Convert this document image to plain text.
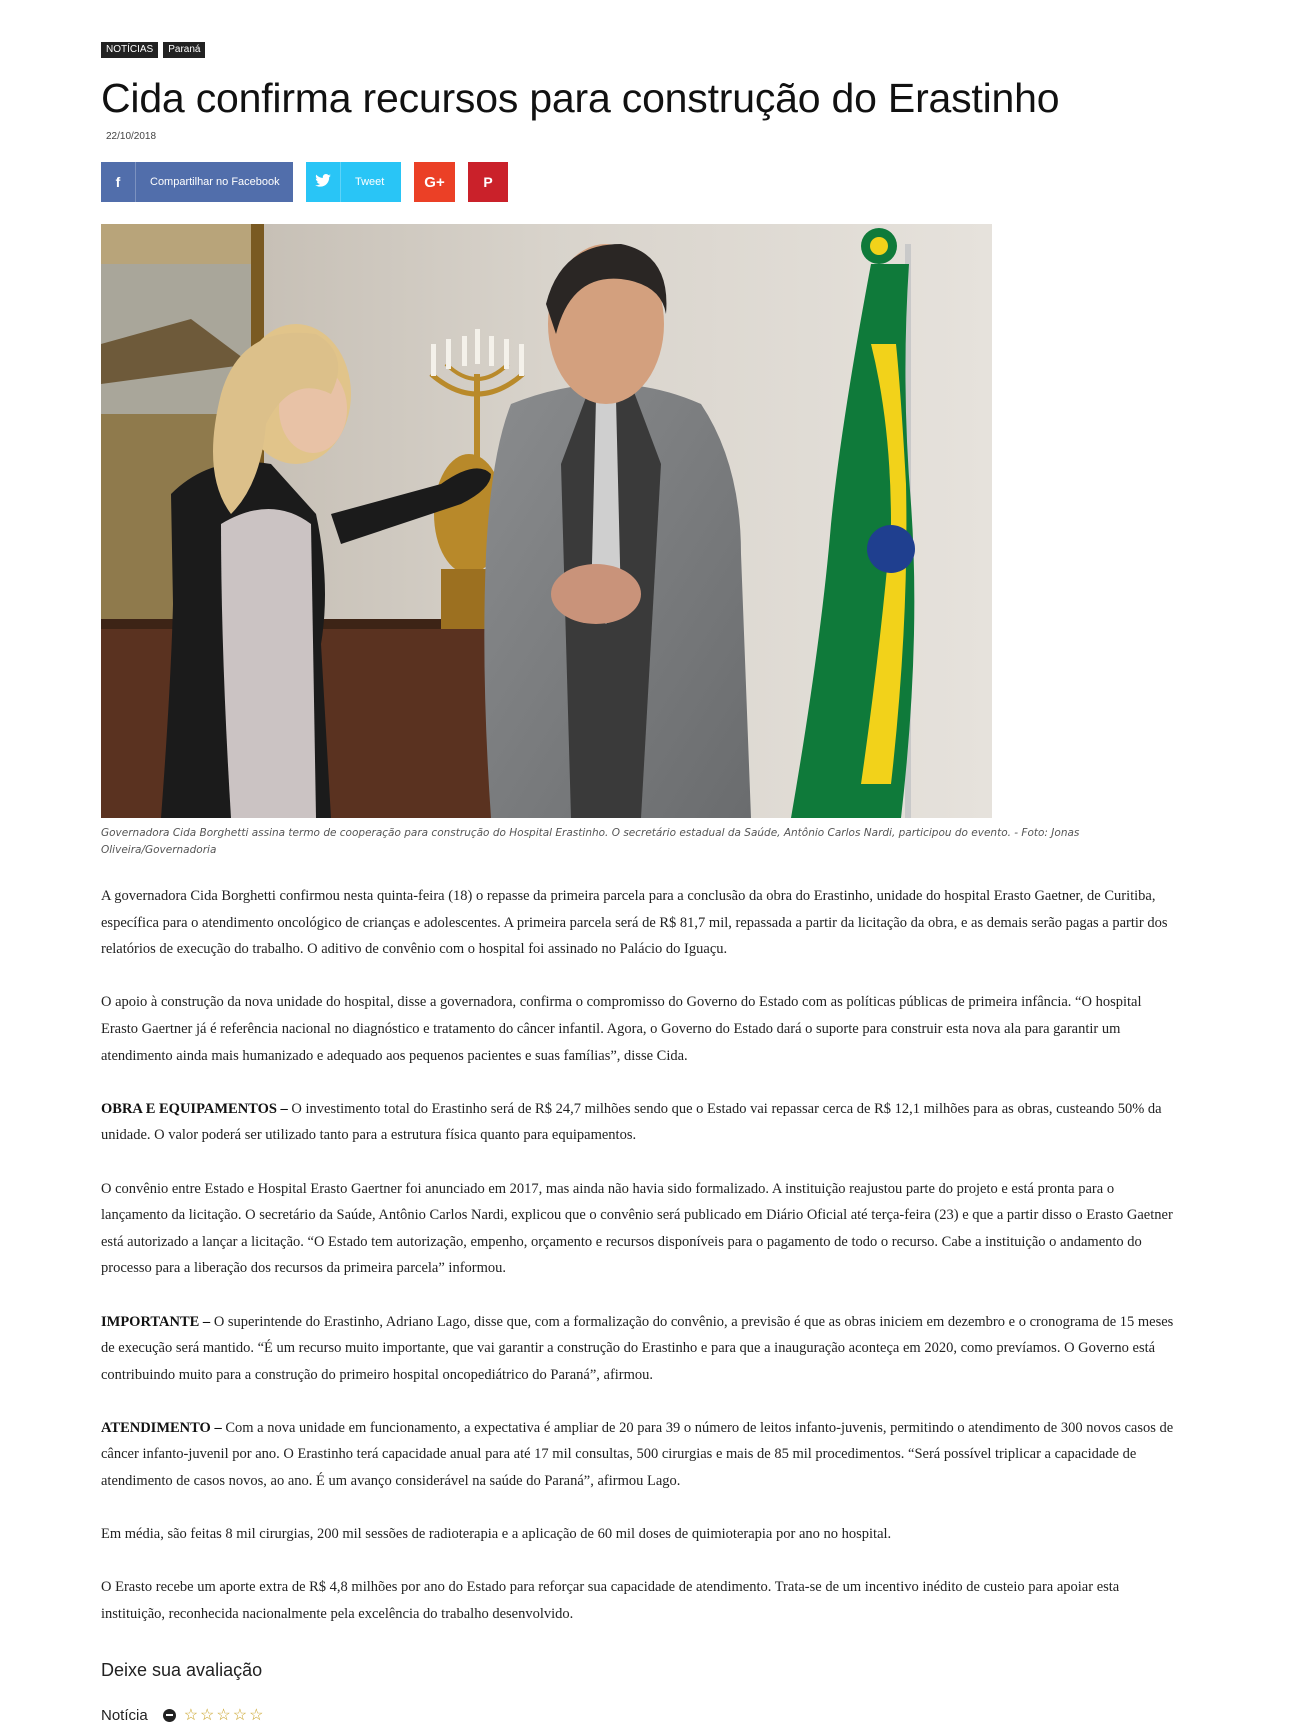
NOTÍCIAS	Paraná
Cida confirma recursos para construção do Erastinho
22/10/2018
f	Compartilhar no Facebook	Tweet	G+	P
Governadora Cida Borghetti assina termo de cooperação para construção do Hospital Erastinho. O secretário estadual da Saúde, Antônio Carlos Nardi, participou do evento. - Foto: Jonas Oliveira/Governadoria

A governadora Cida Borghetti confirmou nesta quinta-feira (18) o repasse da primeira parcela para a conclusão da obra do Erastinho, unidade do hospital Erasto Gaetner, de Curitiba, específica para o atendimento oncológico de crianças e adolescentes. A primeira parcela será de R$ 81,7 mil, repassada a partir da licitação da obra, e as demais serão pagas a partir dos relatórios de execução do trabalho. O aditivo de convênio com o hospital foi assinado no Palácio do Iguaçu.

O apoio à construção da nova unidade do hospital, disse a governadora, confirma o compromisso do Governo do Estado com as políticas públicas de primeira infância. “O hospital Erasto Gaertner já é referência nacional no diagnóstico e tratamento do câncer infantil. Agora, o Governo do Estado dará o suporte para construir esta nova ala para garantir um atendimento ainda mais humanizado e adequado aos pequenos pacientes e suas famílias”, disse Cida.

OBRA E EQUIPAMENTOS – O investimento total do Erastinho será de R$ 24,7 milhões sendo que o Estado vai repassar cerca de R$ 12,1 milhões para as obras, custeando 50% da unidade. O valor poderá ser utilizado tanto para a estrutura física quanto para equipamentos.

O convênio entre Estado e Hospital Erasto Gaertner foi anunciado em 2017, mas ainda não havia sido formalizado. A instituição reajustou parte do projeto e está pronta para o lançamento da licitação. O secretário da Saúde, Antônio Carlos Nardi, explicou que o convênio será publicado em Diário Oficial até terça-feira (23) e que a partir disso o Erasto Gaetner está autorizado a lançar a licitação. “O Estado tem autorização, empenho, orçamento e recursos disponíveis para o pagamento de todo o recurso. Cabe a instituição o andamento do processo para a liberação dos recursos da primeira parcela” informou.

IMPORTANTE – O superintende do Erastinho, Adriano Lago, disse que, com a formalização do convênio, a previsão é que as obras iniciem em dezembro e o cronograma de 15 meses de execução será mantido. “É um recurso muito importante, que vai garantir a construção do Erastinho e para que a inauguração aconteça em 2020, como prevíamos. O Governo está contribuindo muito para a construção do primeiro hospital oncopediátrico do Paraná”, afirmou.

ATENDIMENTO – Com a nova unidade em funcionamento, a expectativa é ampliar de 20 para 39 o número de leitos infanto-juvenis, permitindo o atendimento de 300 novos casos de câncer infanto-juvenil por ano. O Erastinho terá capacidade anual para até 17 mil consultas, 500 cirurgias e mais de 85 mil procedimentos. “Será possível triplicar a capacidade de atendimento de casos novos, ao ano. É um avanço considerável na saúde do Paraná”, afirmou Lago.

Em média, são feitas 8 mil cirurgias, 200 mil sessões de radioterapia e a aplicação de 60 mil doses de quimioterapia por ano no hospital.

O Erasto recebe um aporte extra de R$ 4,8 milhões por ano do Estado para reforçar sua capacidade de atendimento. Trata-se de um incentivo inédito de custeio para apoiar esta instituição, reconhecida nacionalmente pela excelência do trabalho desenvolvido.

Deixe sua avaliação
Notícia ☆ ☆ ☆ ☆ ☆
